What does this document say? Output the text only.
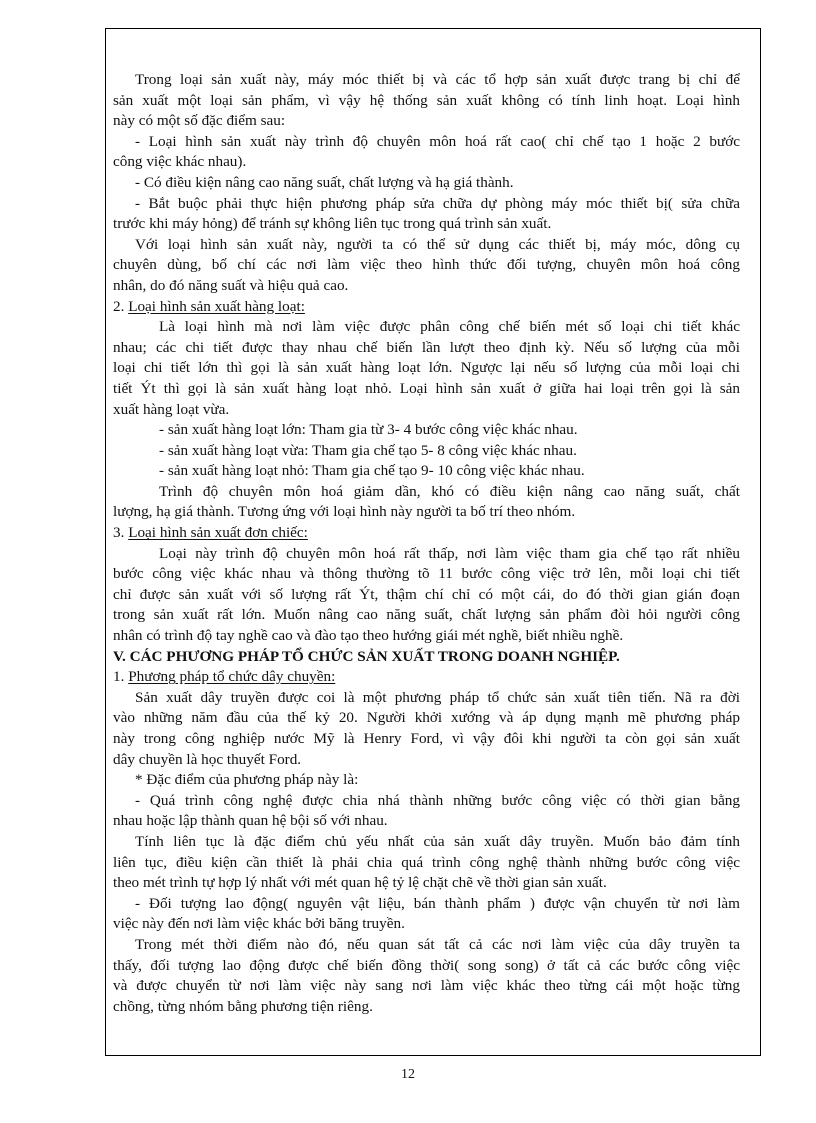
Trong loại sản xuất này, máy móc thiết bị và các tổ hợp sản xuất được trang bị chỉ để
sản xuất một loại sản phẩm, vì vậy hệ thống sản xuất không có tính linh hoạt. Loại hình
này có một số đặc điểm sau:
- Loại hình sản xuất này trình độ chuyên môn hoá rất cao( chỉ chế tạo 1 hoặc 2 bước
công việc khác nhau).
- Có điều kiện nâng cao năng suất, chất lượng và hạ giá thành.
- Bắt buộc phải thực hiện phương pháp sửa chữa dự phòng máy móc thiết bị( sửa chữa
trước khi máy hỏng) để tránh sự không liên tục trong quá trình sản xuất.
Với loại hình sản xuất này, người ta có thể sử dụng các thiết bị, máy móc, dông cụ
chuyên dùng, bố chí các nơi làm việc theo hình thức đối tượng, chuyên môn hoá công
nhân, do đó năng suất và hiệu quả cao.
2. Loại hình sản xuất hàng loạt:
Là loại hình mà nơi làm việc được phân công chế biến mét số loại chi tiết khác
nhau; các chi tiết được thay nhau chế biến lần lượt theo định kỳ. Nếu số lượng của mỗi
loại chi tiết lớn thì gọi là sản xuất hàng loạt lớn. Ngược lại nếu số lượng của mỗi loại chi
tiết Ýt thì gọi là sản xuất hàng loạt nhỏ. Loại hình sản xuất ở giữa hai loại trên gọi là sản
xuất hàng loạt vừa.
- sản xuất hàng loạt lớn: Tham gia từ 3- 4 bước công việc khác nhau.
- sản xuất hàng loạt vừa: Tham gia chế tạo 5- 8 công việc khác nhau.
- sản xuất hàng loạt nhỏ: Tham gia chế tạo 9- 10 công việc khác nhau.
Trình độ chuyên môn hoá giảm dần, khó có điều kiện nâng cao năng suất, chất
lượng, hạ giá thành. Tương ứng với loại hình này người ta bố trí theo nhóm.
3. Loại hình sản xuất đơn chiếc:
Loại này trình độ chuyên môn hoá rất thấp, nơi làm việc tham gia chế tạo rất nhiều
bước công việc khác nhau và thông thường tõ 11 bước công việc trở lên, mỗi loại chi tiết
chỉ được sản xuất với số lượng rất Ýt, thậm chí chỉ có một cái, do đó thời gian gián đoạn
trong sản xuất rất lớn. Muốn nâng cao năng suất, chất lượng sản phẩm đòi hỏi người công
nhân có trình độ tay nghề cao và đào tạo theo hướng giái mét nghề, biết nhiều nghề.
V. CÁC PHƯƠNG PHÁP TỔ CHỨC SẢN XUẤT TRONG DOANH NGHIỆP.
1. Phương pháp tổ chức dây chuyền:
Sản xuất dây truyền được coi là một phương pháp tổ chức sản xuất tiên tiến. Nã ra đời
vào những năm đầu của thế kỷ 20. Người khởi xướng và áp dụng mạnh mẽ phương pháp
này trong công nghiệp nước Mỹ là Henry Ford, vì vậy đôi khi người ta còn gọi sản xuất
dây chuyền là học thuyết Ford.
* Đặc điểm của phương pháp này là:
- Quá trình công nghệ được chia nhá thành những bước công việc có thời gian bằng
nhau hoặc lập thành quan hệ bội số với nhau.
Tính liên tục là đặc điểm chủ yếu nhất của sản xuất dây truyền. Muốn bảo đảm tính
liên tục, điều kiện cần thiết là phải chia quá trình công nghệ thành những bước công việc
theo mét trình tự hợp lý nhất với mét quan hệ tỷ lệ chặt chẽ về thời gian sản xuất.
- Đối tượng lao động( nguyên vật liệu, bán thành phẩm ) được vận chuyển từ nơi làm
việc này đến nơi làm việc khác bởi băng truyền.
Trong mét thời điểm nào đó, nếu quan sát tất cả các nơi làm việc của dây truyền ta
thấy, đối tượng lao động được chế biến đồng thời( song song) ở tất cả các bước công việc
và được chuyển từ nơi làm việc này sang nơi làm việc khác theo từng cái một hoặc từng
chồng, từng nhóm bằng phương tiện riêng.
12
